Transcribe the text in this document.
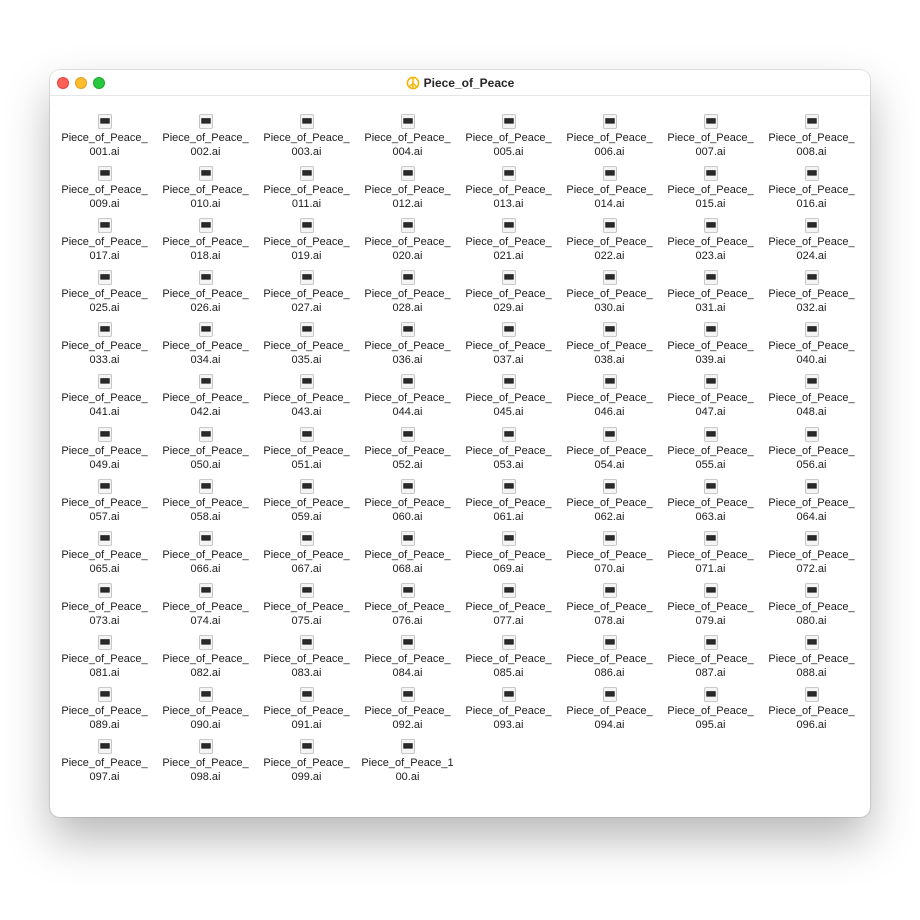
Piece_of_Peace
Piece_of_Peace_
001.ai
Piece_of_Peace_
002.ai
Piece_of_Peace_
003.ai
Piece_of_Peace_
004.ai
Piece_of_Peace_
005.ai
Piece_of_Peace_
006.ai
Piece_of_Peace_
007.ai
Piece_of_Peace_
008.ai
Piece_of_Peace_
009.ai
Piece_of_Peace_
010.ai
Piece_of_Peace_
011.ai
Piece_of_Peace_
012.ai
Piece_of_Peace_
013.ai
Piece_of_Peace_
014.ai
Piece_of_Peace_
015.ai
Piece_of_Peace_
016.ai
Piece_of_Peace_
017.ai
Piece_of_Peace_
018.ai
Piece_of_Peace_
019.ai
Piece_of_Peace_
020.ai
Piece_of_Peace_
021.ai
Piece_of_Peace_
022.ai
Piece_of_Peace_
023.ai
Piece_of_Peace_
024.ai
Piece_of_Peace_
025.ai
Piece_of_Peace_
026.ai
Piece_of_Peace_
027.ai
Piece_of_Peace_
028.ai
Piece_of_Peace_
029.ai
Piece_of_Peace_
030.ai
Piece_of_Peace_
031.ai
Piece_of_Peace_
032.ai
Piece_of_Peace_
033.ai
Piece_of_Peace_
034.ai
Piece_of_Peace_
035.ai
Piece_of_Peace_
036.ai
Piece_of_Peace_
037.ai
Piece_of_Peace_
038.ai
Piece_of_Peace_
039.ai
Piece_of_Peace_
040.ai
Piece_of_Peace_
041.ai
Piece_of_Peace_
042.ai
Piece_of_Peace_
043.ai
Piece_of_Peace_
044.ai
Piece_of_Peace_
045.ai
Piece_of_Peace_
046.ai
Piece_of_Peace_
047.ai
Piece_of_Peace_
048.ai
Piece_of_Peace_
049.ai
Piece_of_Peace_
050.ai
Piece_of_Peace_
051.ai
Piece_of_Peace_
052.ai
Piece_of_Peace_
053.ai
Piece_of_Peace_
054.ai
Piece_of_Peace_
055.ai
Piece_of_Peace_
056.ai
Piece_of_Peace_
057.ai
Piece_of_Peace_
058.ai
Piece_of_Peace_
059.ai
Piece_of_Peace_
060.ai
Piece_of_Peace_
061.ai
Piece_of_Peace_
062.ai
Piece_of_Peace_
063.ai
Piece_of_Peace_
064.ai
Piece_of_Peace_
065.ai
Piece_of_Peace_
066.ai
Piece_of_Peace_
067.ai
Piece_of_Peace_
068.ai
Piece_of_Peace_
069.ai
Piece_of_Peace_
070.ai
Piece_of_Peace_
071.ai
Piece_of_Peace_
072.ai
Piece_of_Peace_
073.ai
Piece_of_Peace_
074.ai
Piece_of_Peace_
075.ai
Piece_of_Peace_
076.ai
Piece_of_Peace_
077.ai
Piece_of_Peace_
078.ai
Piece_of_Peace_
079.ai
Piece_of_Peace_
080.ai
Piece_of_Peace_
081.ai
Piece_of_Peace_
082.ai
Piece_of_Peace_
083.ai
Piece_of_Peace_
084.ai
Piece_of_Peace_
085.ai
Piece_of_Peace_
086.ai
Piece_of_Peace_
087.ai
Piece_of_Peace_
088.ai
Piece_of_Peace_
089.ai
Piece_of_Peace_
090.ai
Piece_of_Peace_
091.ai
Piece_of_Peace_
092.ai
Piece_of_Peace_
093.ai
Piece_of_Peace_
094.ai
Piece_of_Peace_
095.ai
Piece_of_Peace_
096.ai
Piece_of_Peace_
097.ai
Piece_of_Peace_
098.ai
Piece_of_Peace_
099.ai
Piece_of_Peace_1
00.ai
